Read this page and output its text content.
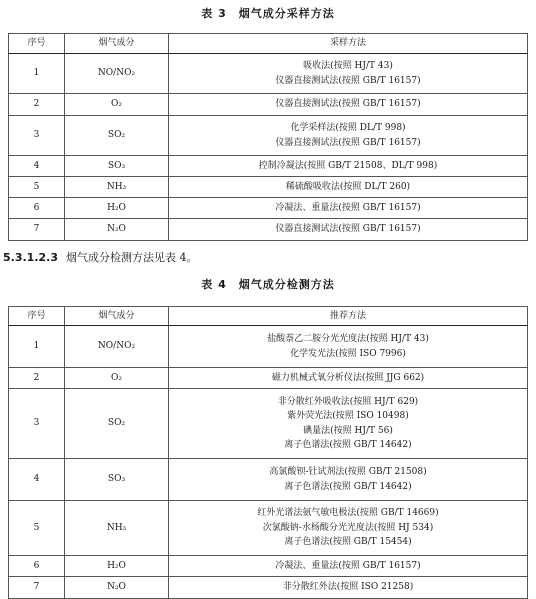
表 3　烟气成分采样方法
序号	烟气成分	采样方法
1	NO/NO₂	吸收法(按照 HJ/T 43)
仪器直接测试法(按照 GB/T 16157)

2	O₂	仪器直接测试法(按照 GB/T 16157)

3	SO₂	化学采样法(按照 DL/T 998)
仪器直接测试法(按照 GB/T 16157)

4	SO₃	控制冷凝法(按照 GB/T 21508、DL/T 998)

5	NH₃	稀硫酸吸收法(按照 DL/T 260)

6	H₂O	冷凝法、重量法(按照 GB/T 16157)

7	N₂O	仪器直接测试法(按照 GB/T 16157)
5.3.1.2.3 烟气成分检测方法见表 4。
表 4　烟气成分检测方法
序号	烟气成分	推荐方法
1	NO/NO₂	盐酸萘乙二胺分光光度法(按照 HJ/T 43)
化学发光法(按照 ISO 7996)

2	O₂	磁力机械式氧分析仪法(按照 JJG 662)

3	SO₂	非分散红外吸收法(按照 HJ/T 629)
紫外荧光法(按照 ISO 10498)
碘量法(按照 HJ/T 56)
离子色谱法(按照 GB/T 14642)

4	SO₃	高氯酸钡-钍试剂法(按照 GB/T 21508)
离子色谱法(按照 GB/T 14642)

5	NH₃	红外光谱法氨气敏电极法(按照 GB/T 14669)
次氯酸钠-水杨酸分光光度法(按照 HJ 534)
离子色谱法(按照 GB/T 15454)

6	H₂O	冷凝法、重量法(按照 GB/T 16157)

7	N₂O	非分散红外法(按照 ISO 21258)
